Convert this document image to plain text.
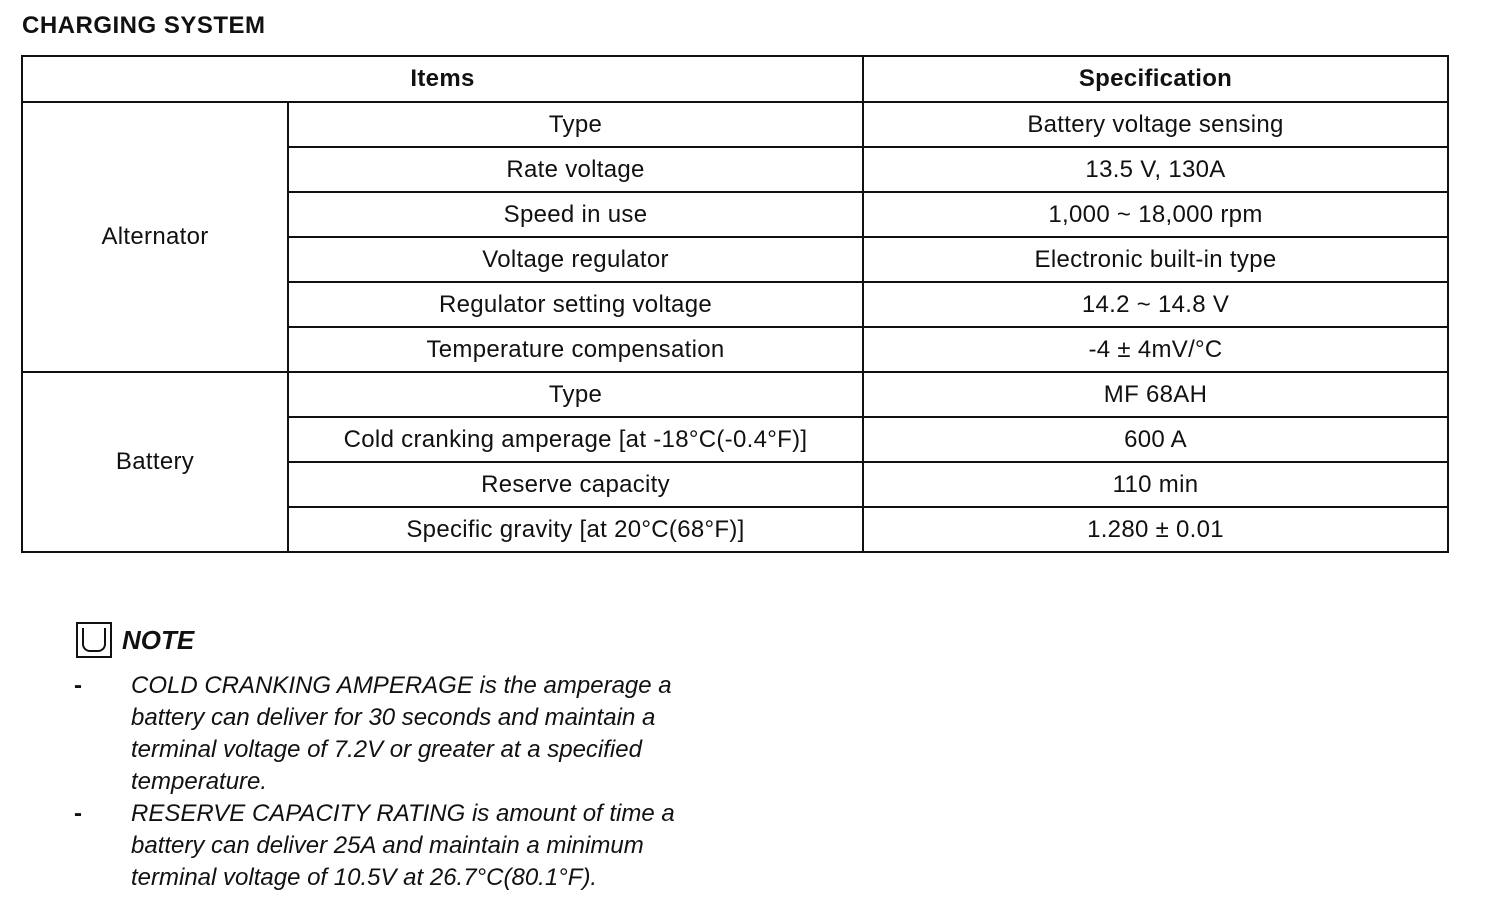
CHARGING SYSTEM
Items		Specification
Alternator	Type	Battery voltage sensing
	Rate voltage	13.5 V, 130A
	Speed in use	1,000 ~ 18,000 rpm
	Voltage regulator	Electronic built-in type
	Regulator setting voltage	14.2 ~ 14.8 V
	Temperature compensation	-4 ± 4mV/°C
Battery	Type	MF 68AH
	Cold cranking amperage [at -18°C(-0.4°F)]	600 A
	Reserve capacity	110 min
	Specific gravity [at 20°C(68°F)]	1.280 ± 0.01
NOTE
- COLD CRANKING AMPERAGE is the amperage a battery can deliver for 30 seconds and maintain a terminal voltage of 7.2V or greater at a specified temperature.
- RESERVE CAPACITY RATING is amount of time a battery can deliver 25A and maintain a minimum terminal voltage of 10.5V at 26.7°C(80.1°F).
